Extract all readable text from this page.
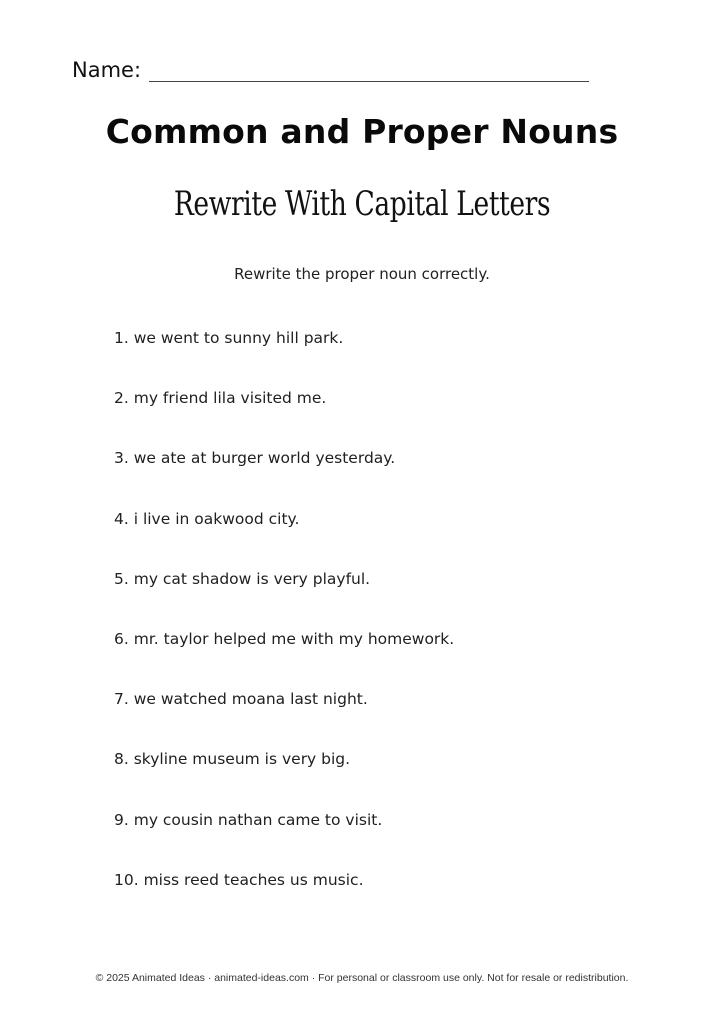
Name:
Common and Proper Nouns
Rewrite With Capital Letters
Rewrite the proper noun correctly.
1. we went to sunny hill park.
2. my friend lila visited me.
3. we ate at burger world yesterday.
4. i live in oakwood city.
5. my cat shadow is very playful.
6. mr. taylor helped me with my homework.
7. we watched moana last night.
8. skyline museum is very big.
9. my cousin nathan came to visit.
10. miss reed teaches us music.
© 2025 Animated Ideas · animated-ideas.com · For personal or classroom use only. Not for resale or redistribution.
